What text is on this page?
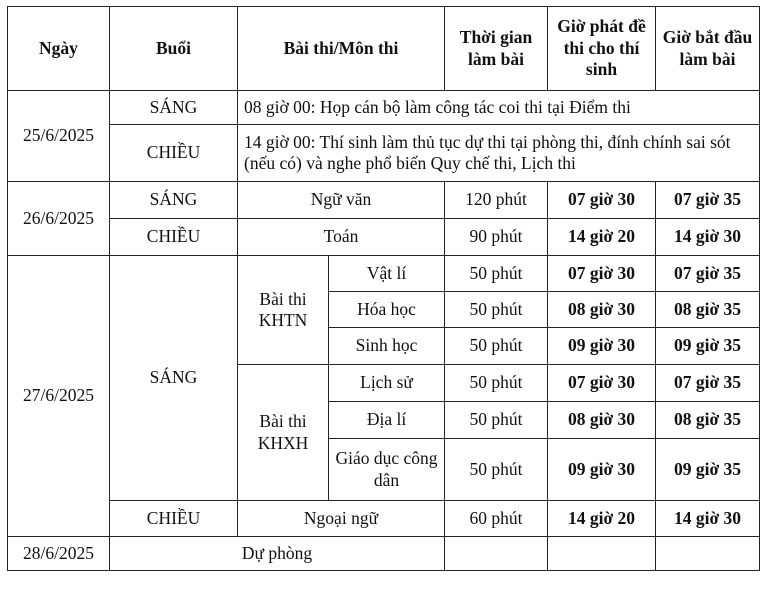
Ngày	Buổi	Bài thi/Môn thi		Thời gian làm bài	Giờ phát đề thi cho thí sinh	Giờ bắt đầu làm bài
25/6/2025	SÁNG	08 giờ 00: Họp cán bộ làm công tác coi thi tại Điểm thi				
	CHIỀU	14 giờ 00: Thí sinh làm thủ tục dự thi tại phòng thi, đính chính sai sót (nếu có) và nghe phổ biến Quy chế thi, Lịch thi				
26/6/2025	SÁNG	Ngữ văn		120 phút	07 giờ 30	07 giờ 35
	CHIỀU	Toán		90 phút	14 giờ 20	14 giờ 30
27/6/2025	SÁNG	Bài thi KHTN	Vật lí	50 phút	07 giờ 30	07 giờ 35
			Hóa học	50 phút	08 giờ 30	08 giờ 35
			Sinh học	50 phút	09 giờ 30	09 giờ 35
		Bài thi KHXH	Lịch sử	50 phút	07 giờ 30	07 giờ 35
			Địa lí	50 phút	08 giờ 30	08 giờ 35
			Giáo dục công dân	50 phút	09 giờ 30	09 giờ 35
	CHIỀU	Ngoại ngữ		60 phút	14 giờ 20	14 giờ 30
28/6/2025	Dự phòng					
